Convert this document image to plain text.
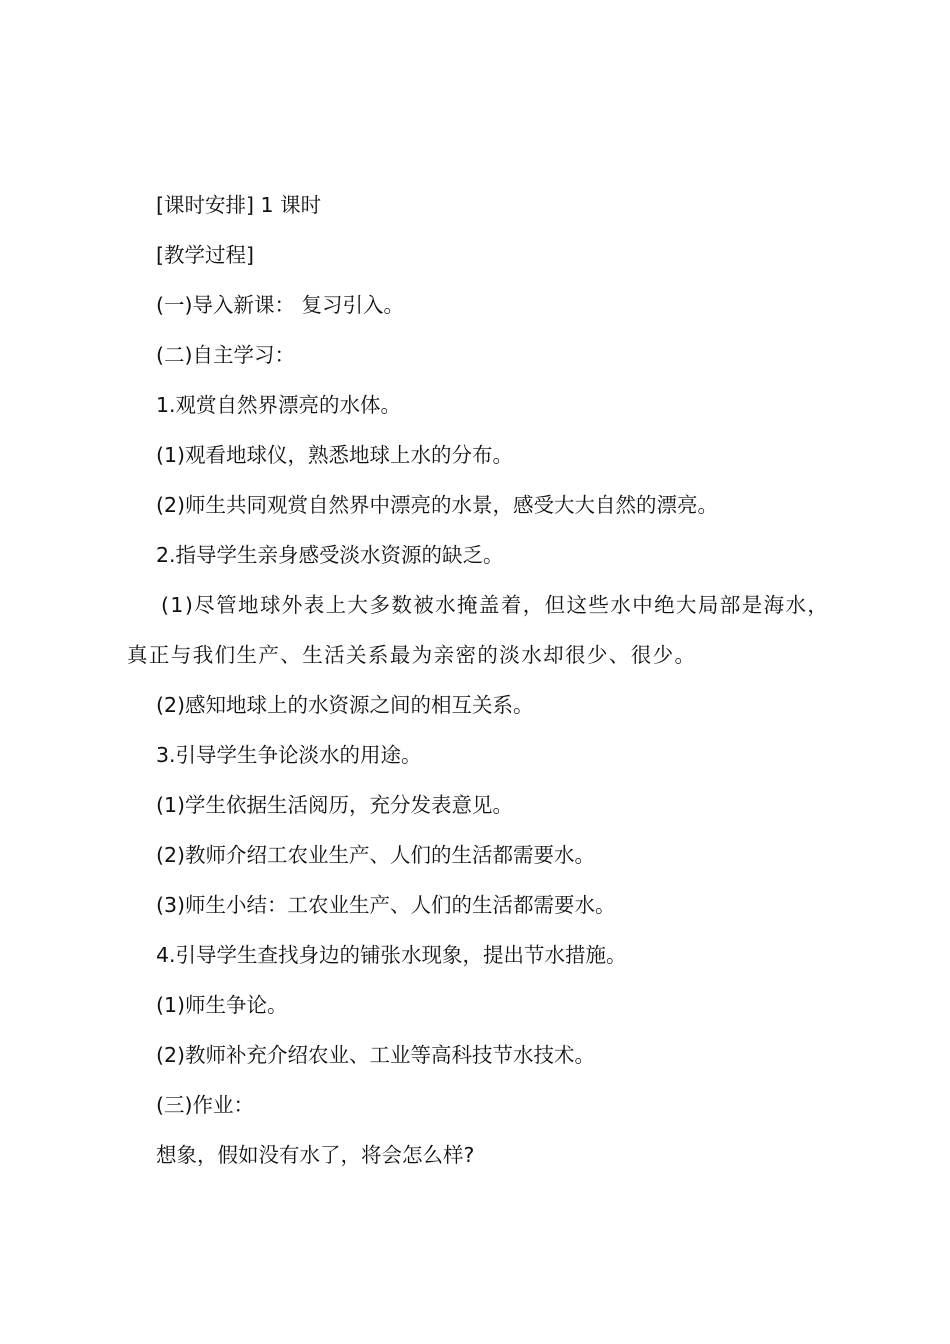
[课时安排] 1 课时

[教学过程]

(一)导入新课： 复习引入。

(二)自主学习：

1.观赏自然界漂亮的水体。

(1)观看地球仪，熟悉地球上水的分布。

(2)师生共同观赏自然界中漂亮的水景，感受大大自然的漂亮。

2.指导学生亲身感受淡水资源的缺乏。

(1)尽管地球外表上大多数被水掩盖着，但这些水中绝大局部是海水，真正与我们生产、生活关系最为亲密的淡水却很少、很少。

(2)感知地球上的水资源之间的相互关系。

3.引导学生争论淡水的用途。

(1)学生依据生活阅历，充分发表意见。

(2)教师介绍工农业生产、人们的生活都需要水。

(3)师生小结：工农业生产、人们的生活都需要水。

4.引导学生查找身边的铺张水现象，提出节水措施。

(1)师生争论。

(2)教师补充介绍农业、工业等高科技节水技术。

(三)作业：

想象，假如没有水了，将会怎么样?
